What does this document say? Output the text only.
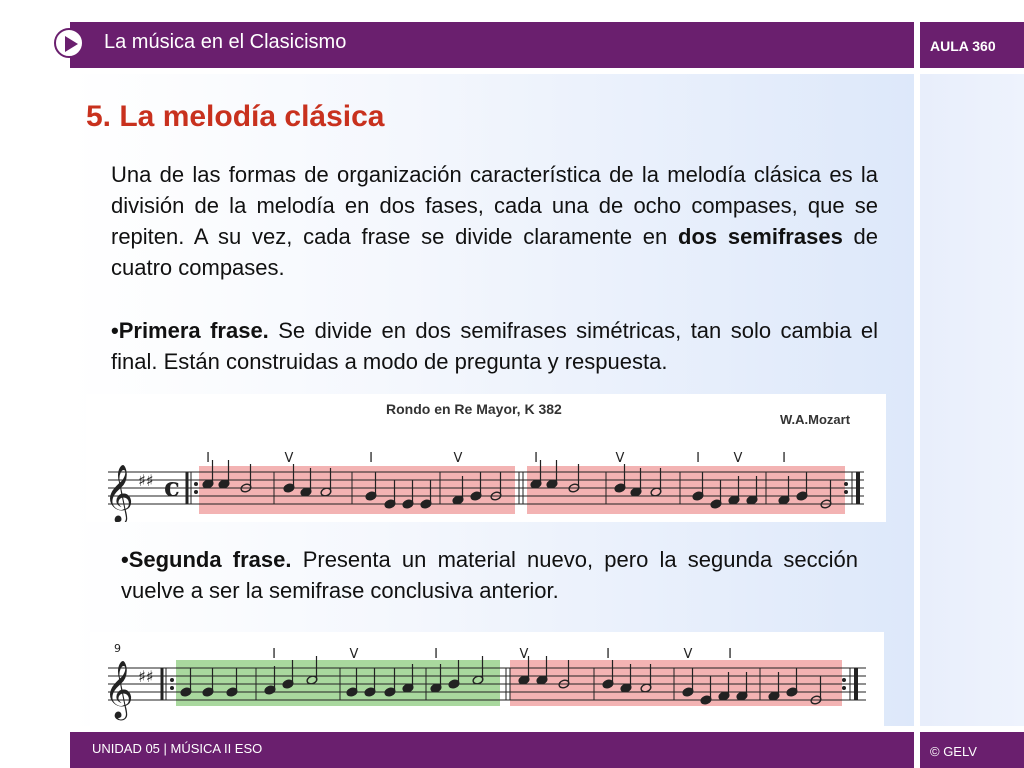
La música en el Clasicismo	AULA 360
5. La melodía clásica

Una de las formas de organización característica de la melodía clásica es la división de la melodía en dos fases, cada una de ocho compases, que se repiten. A su vez, cada frase se divide claramente en dos semifrases de cuatro compases.

•Primera frase. Se divide en dos semifrases simétricas, tan solo cambia el final. Están construidas a modo de pregunta y respuesta.

𝄞 ♯♯ c
I	V	I	V	I	V	I	V	I
Rondo en Re Mayor, K 382
W.A.Mozart

•Segunda frase. Presenta un material nuevo, pero la segunda sección vuelve a ser la semifrase conclusiva anterior.

9
𝄞 ♯♯
I	V	I	V	I	V	I
UNIDAD 05 | MÚSICA II ESO	© GELV
